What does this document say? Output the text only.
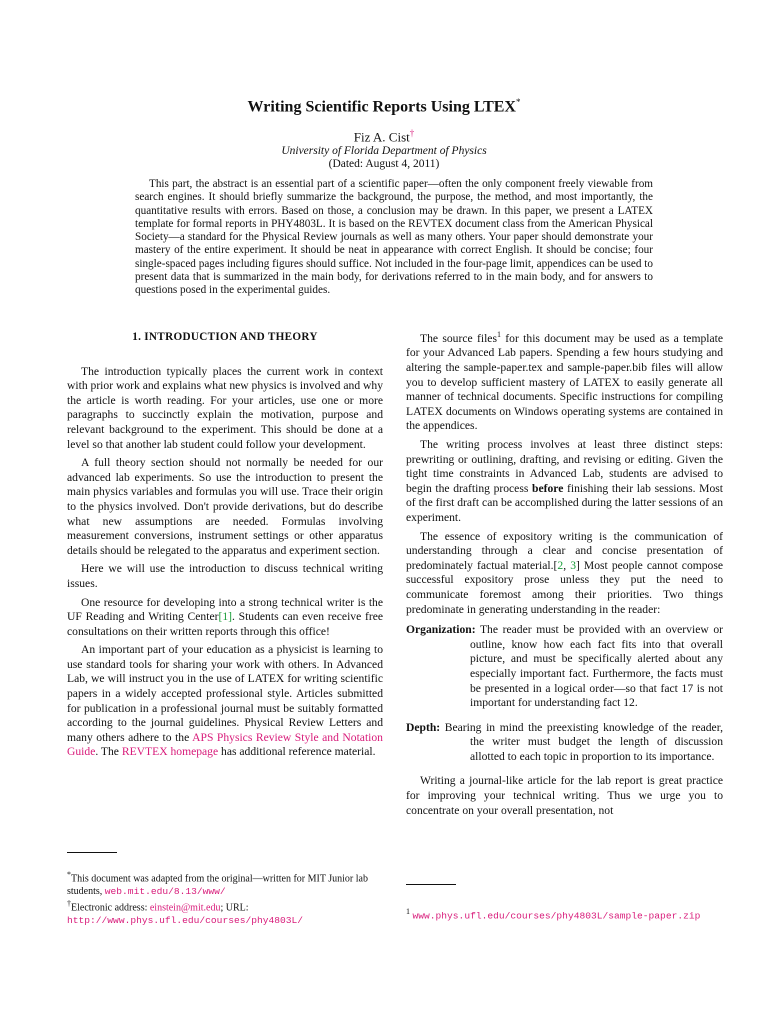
Writing Scientific Reports Using LTEX*
Fiz A. Cist†
University of Florida Department of Physics
(Dated: August 4, 2011)

This part, the abstract is an essential part of a scientific paper—often the only component freely viewable from search engines. It should briefly summarize the background, the purpose, the method, and most importantly, the quantitative results with errors. Based on those, a conclusion may be drawn. In this paper, we present a LATEX template for formal reports in PHY4803L. It is based on the REVTEX document class from the American Physical Society—a standard for the Physical Review journals as well as many others. Your paper should demonstrate your mastery of the entire experiment. It should be neat in appearance with correct English. It should be concise; four single-spaced pages including figures should suffice. Not included in the four-page limit, appendices can be used to present data that is summarized in the main body, for derivations referred to in the main body, and for answers to questions posed in the experimental guides.

1. INTRODUCTION AND THEORY

The introduction typically places the current work in context with prior work and explains what new physics is involved and why the article is worth reading. For your articles, use one or more paragraphs to succinctly explain the motivation, purpose and relevant background to the experiment. This should be done at a level so that another lab student could follow your development.

A full theory section should not normally be needed for our advanced lab experiments. So use the introduction to present the main physics variables and formulas you will use. Trace their origin to the physics involved. Don't provide derivations, but do describe what new assumptions are needed. Formulas involving measurement conversions, instrument settings or other apparatus details should be relegated to the apparatus and experiment section.

Here we will use the introduction to discuss technical writing issues.

One resource for developing into a strong technical writer is the UF Reading and Writing Center[1]. Students can even receive free consultations on their written reports through this office!

An important part of your education as a physicist is learning to use standard tools for sharing your work with others. In Advanced Lab, we will instruct you in the use of LATEX for writing scientific papers in a widely accepted professional style. Articles submitted for publication in a professional journal must be suitably formatted according to the journal guidelines. Physical Review Letters and many others adhere to the APS Physics Review Style and Notation Guide. The REVTEX homepage has additional reference material.

The source files$^1$ for this document may be used as a template for your Advanced Lab papers. Spending a few hours studying and altering the sample-paper.tex and sample-paper.bib files will allow you to develop sufficient mastery of LATEX to easily generate all manner of technical documents. Specific instructions for compiling LATEX documents on Windows operating systems are contained in the appendices.

The writing process involves at least three distinct steps: prewriting or outlining, drafting, and revising or editing. Given the tight time constraints in Advanced Lab, students are advised to begin the drafting process before finishing their lab sessions. Most of the first draft can be accomplished during the latter sessions of an experiment.

The essence of expository writing is the communication of understanding through a clear and concise presentation of predominately factual material.[2, 3] Most people cannot compose successful expository prose unless they put the need to communicate foremost among their priorities. Two things predominate in generating understanding in the reader:

Organization: The reader must be provided with an overview or outline, know how each fact fits into that overall picture, and must be specifically alerted about any especially important fact. Furthermore, the facts must be presented in a logical order—so that fact 17 is not important for understanding fact 12.
Depth: Bearing in mind the preexisting knowledge of the reader, the writer must budget the length of discussion allotted to each topic in proportion to its importance.

Writing a journal-like article for the lab report is great practice for improving your technical writing. Thus we urge you to concentrate on your overall presentation, not

*This document was adapted from the original—written for MIT Junior lab students, web.mit.edu/8.13/www/
†Electronic address: einstein@mit.edu; URL: http://www.phys.ufl.edu/courses/phy4803L/
$^1$ www.phys.ufl.edu/courses/phy4803L/sample-paper.zip
